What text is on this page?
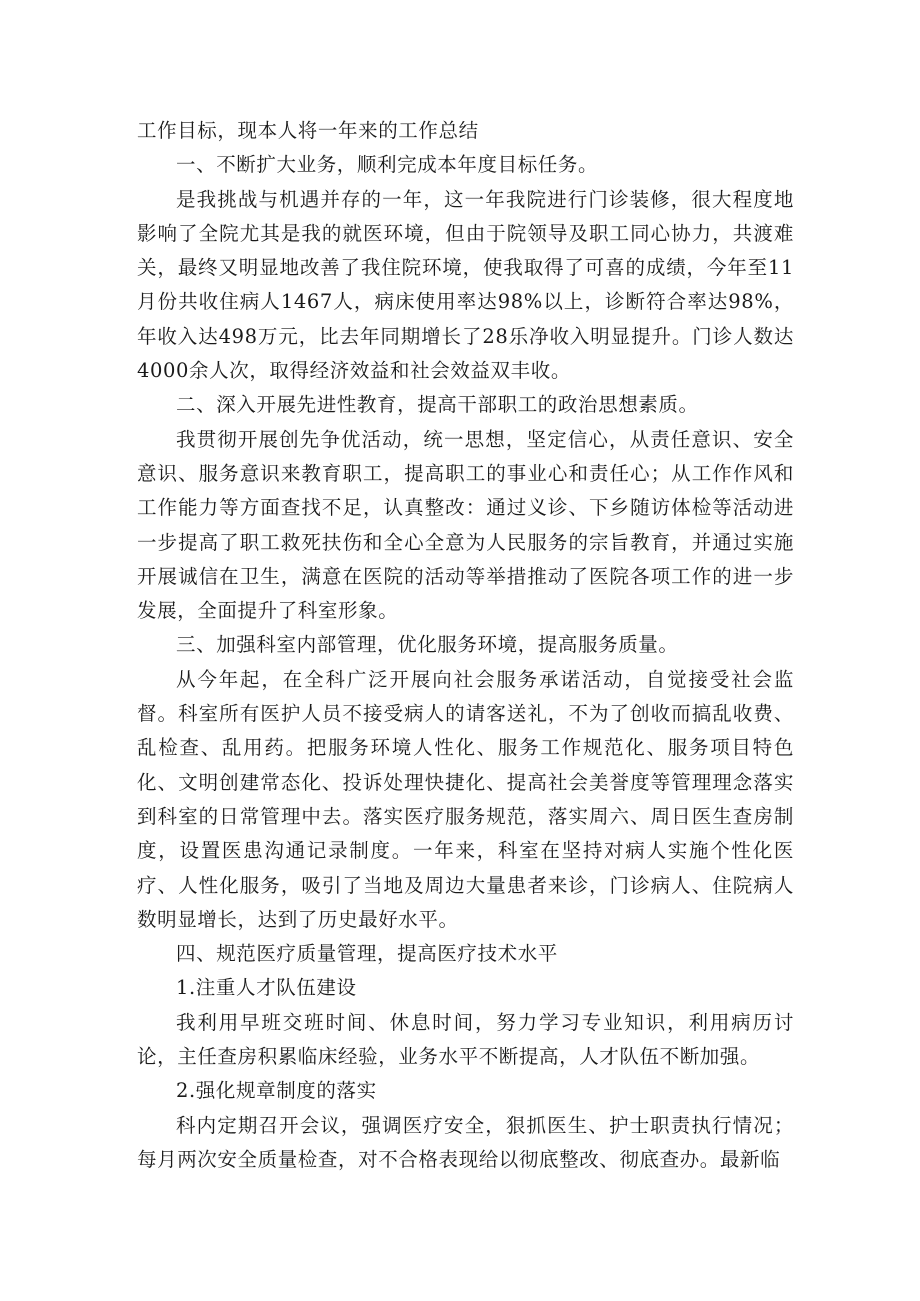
工作目标，现本人将一年来的工作总结

一、不断扩大业务，顺利完成本年度目标任务。

是我挑战与机遇并存的一年，这一年我院进行门诊装修，很大程度地影响了全院尤其是我的就医环境，但由于院领导及职工同心协力，共渡难关，最终又明显地改善了我住院环境，使我取得了可喜的成绩，今年至11月份共收住病人1467人，病床使用率达98%以上，诊断符合率达98%，年收入达498万元，比去年同期增长了28乐净收入明显提升。门诊人数达4000余人次，取得经济效益和社会效益双丰收。

二、深入开展先进性教育，提高干部职工的政治思想素质。

我贯彻开展创先争优活动，统一思想，坚定信心，从责任意识、安全意识、服务意识来教育职工，提高职工的事业心和责任心；从工作作风和工作能力等方面查找不足，认真整改：通过义诊、下乡随访体检等活动进一步提高了职工救死扶伤和全心全意为人民服务的宗旨教育，并通过实施开展诚信在卫生，满意在医院的活动等举措推动了医院各项工作的进一步发展，全面提升了科室形象。

三、加强科室内部管理，优化服务环境，提高服务质量。

从今年起，在全科广泛开展向社会服务承诺活动，自觉接受社会监督。科室所有医护人员不接受病人的请客送礼，不为了创收而搞乱收费、乱检查、乱用药。把服务环境人性化、服务工作规范化、服务项目特色化、文明创建常态化、投诉处理快捷化、提高社会美誉度等管理理念落实到科室的日常管理中去。落实医疗服务规范，落实周六、周日医生查房制度，设置医患沟通记录制度。一年来，科室在坚持对病人实施个性化医疗、人性化服务，吸引了当地及周边大量患者来诊，门诊病人、住院病人数明显增长，达到了历史最好水平。

四、规范医疗质量管理，提高医疗技术水平

1.注重人才队伍建设

我利用早班交班时间、休息时间，努力学习专业知识，利用病历讨论，主任查房积累临床经验，业务水平不断提高，人才队伍不断加强。

2.强化规章制度的落实

科内定期召开会议，强调医疗安全，狠抓医生、护士职责执行情况；每月两次安全质量检查，对不合格表现给以彻底整改、彻底查办。最新临
